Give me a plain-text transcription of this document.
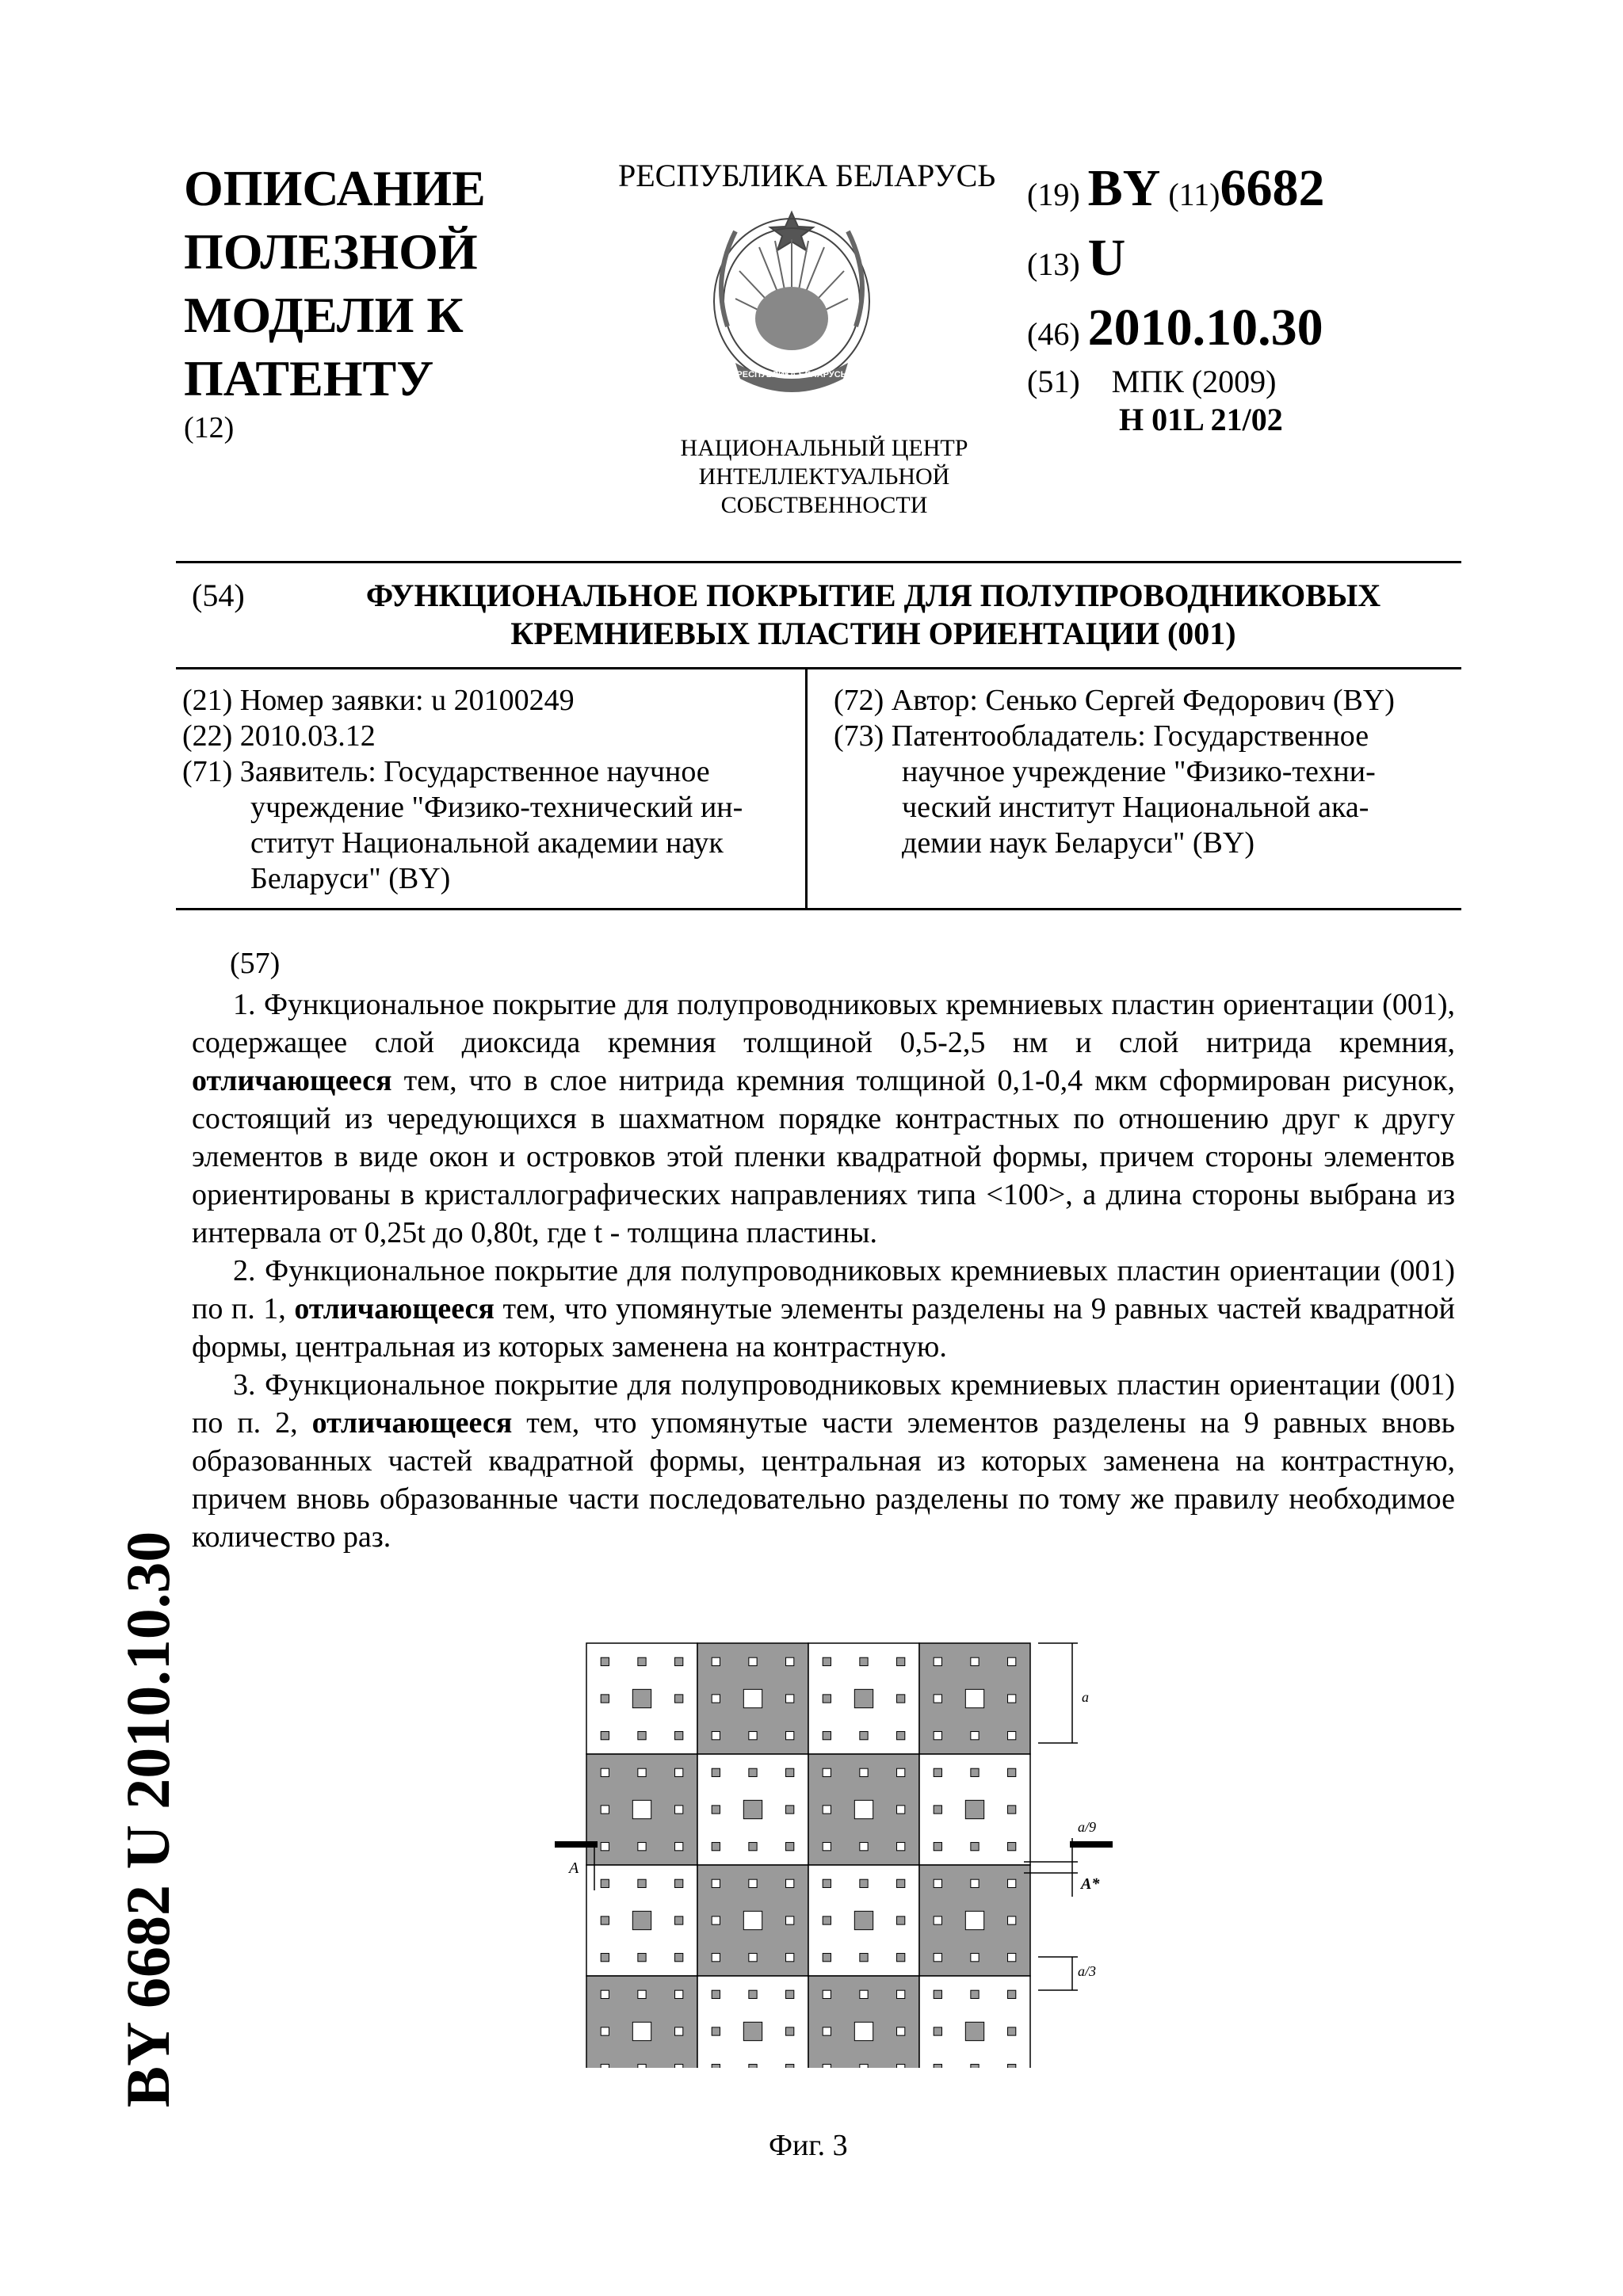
ОПИСАНИЕ
ПОЛЕЗНОЙ
МОДЕЛИ К
ПАТЕНТУ
(12)
РЕСПУБЛИКА БЕЛАРУСЬ
РЕСПУБЛИКА БЕЛАРУСЬ
НАЦИОНАЛЬНЫЙ ЦЕНТР
ИНТЕЛЛЕКТУАЛЬНОЙ
СОБСТВЕННОСТИ
(19) BY (11)6682
(13) U
(46) 2010.10.30
(51) МПК (2009)
H 01L 21/02
(54)	ФУНКЦИОНАЛЬНОЕ ПОКРЫТИЕ ДЛЯ ПОЛУПРОВОДНИКОВЫХ
КРЕМНИЕВЫХ ПЛАСТИН ОРИЕНТАЦИИ (001)
(21) Номер заявки: u 20100249
(22) 2010.03.12
(71) Заявитель: Государственное научное
учреждение "Физико-технический ин-
ститут Национальной академии наук
Беларуси" (BY)
(72) Автор: Сенько Сергей Федорович (BY)
(73) Патентообладатель: Государственное
научное учреждение "Физико-техни-
ческий институт Национальной ака-
демии наук Беларуси" (BY)
(57)

1. Функциональное покрытие для полупроводниковых кремниевых пластин ориентации (001), содержащее слой диоксида кремния толщиной 0,5-2,5 нм и слой нитрида кремния, отличающееся тем, что в слое нитрида кремния толщиной 0,1-0,4 мкм сформирован рисунок, состоящий из чередующихся в шахматном порядке контрастных по отношению друг к другу элементов в виде окон и островков этой пленки квадратной формы, причем стороны элементов ориентированы в кристаллографических направлениях типа <100>, а длина стороны выбрана из интервала от 0,25t до 0,80t, где t - толщина пластины.

2. Функциональное покрытие для полупроводниковых кремниевых пластин ориентации (001) по п. 1, отличающееся тем, что упомянутые элементы разделены на 9 равных частей квадратной формы, центральная из которых заменена на контрастную.

3. Функциональное покрытие для полупроводниковых кремниевых пластин ориентации (001) по п. 2, отличающееся тем, что упомянутые части элементов разделены на 9 равных вновь образованных частей квадратной формы, центральная из которых заменена на контрастную, причем вновь образованные части последовательно разделены по тому же правилу необходимое количество раз.

a
a/9
a/3
A
A*
Фиг. 3
BY 6682 U 2010.10.30
